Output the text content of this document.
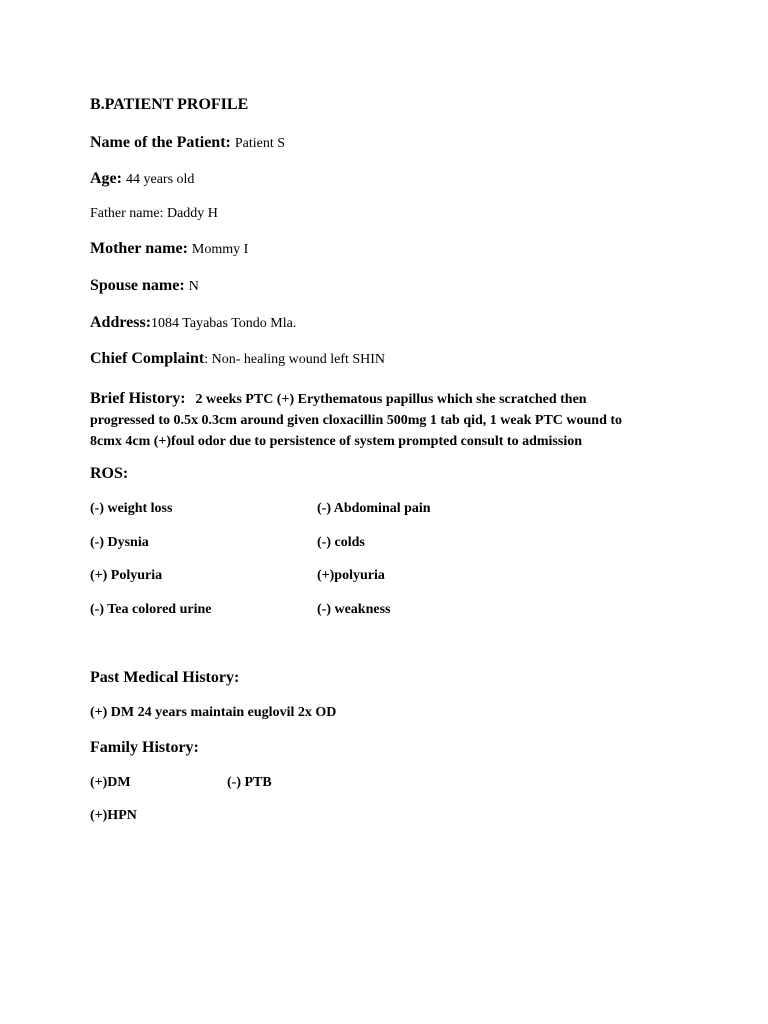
B.PATIENT PROFILE
Name of the Patient: Patient S
Age: 44 years old
Father name: Daddy H
Mother name: Mommy I
Spouse name: N
Address:1084 Tayabas Tondo Mla.
Chief Complaint: Non- healing wound left SHIN
Brief History: 2 weeks PTC (+) Erythematous papillus which she scratched then
progressed to 0.5x 0.3cm around given cloxacillin 500mg 1 tab qid, 1 weak PTC wound to
8cmx 4cm (+)foul odor due to persistence of system prompted consult to admission
ROS:
(-) weight loss	(-) Abdominal pain
(-) Dysnia	(-) colds
(+) Polyuria	(+)polyuria
(-) Tea colored urine	(-) weakness
Past Medical History:
(+) DM 24 years maintain euglovil 2x OD
Family History:
(+)DM	(-) PTB
(+)HPN
